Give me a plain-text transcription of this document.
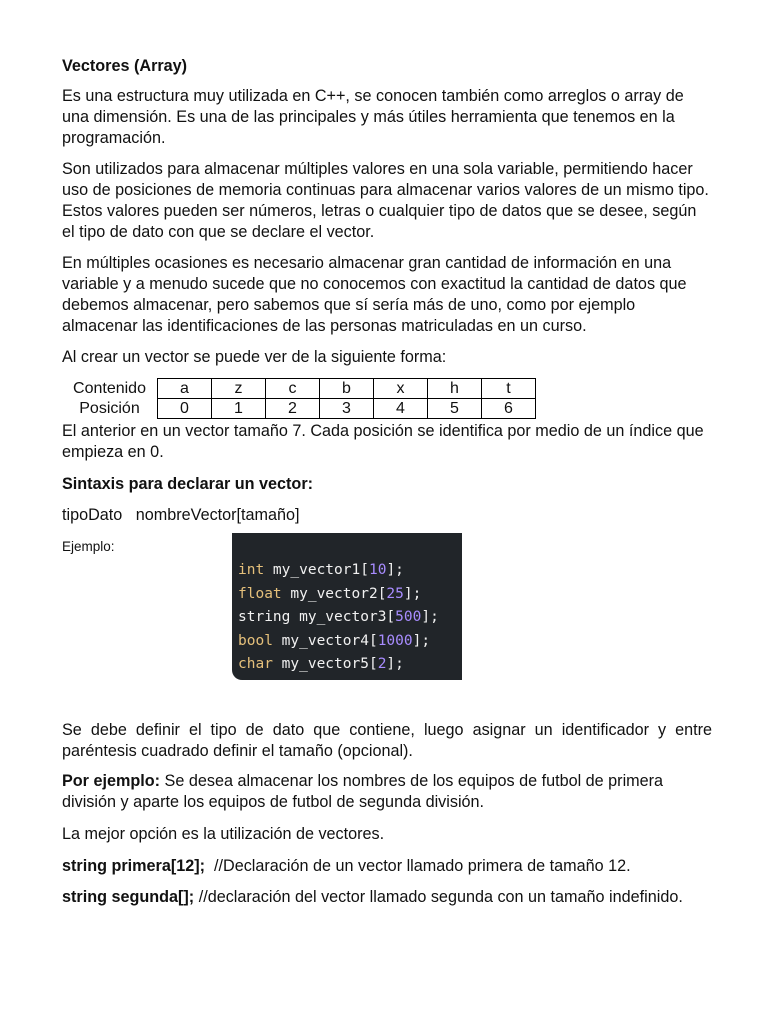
Vectores (Array)

Es una estructura muy utilizada en C++, se conocen también como arreglos o array de una dimensión. Es una de las principales y más útiles herramienta que tenemos en la programación.

Son utilizados para almacenar múltiples valores en una sola variable, permitiendo hacer uso de posiciones de memoria continuas para almacenar varios valores de un mismo tipo. Estos valores pueden ser números, letras o cualquier tipo de datos que se desee, según el tipo de dato con que se declare el vector.

En múltiples ocasiones es necesario almacenar gran cantidad de información en una variable y a menudo sucede que no conocemos con exactitud la cantidad de datos que debemos almacenar, pero sabemos que sí sería más de uno, como por ejemplo almacenar las identificaciones de las personas matriculadas en un curso.

Al crear un vector se puede ver de la siguiente forma:

Contenido	a	z	c	b	x	h	t
Posición	0	1	2	3	4	5	6

El anterior en un vector tamaño 7. Cada posición se identifica por medio de un índice que empieza en 0.

Sintaxis para declarar un vector:

tipoDato   nombreVector[tamaño]

Ejemplo:

int my_vector1[10];
float my_vector2[25];
string my_vector3[500];
bool my_vector4[1000];
char my_vector5[2];

Se debe definir el tipo de dato que contiene, luego asignar un identificador y entre paréntesis cuadrado definir el tamaño (opcional).

Por ejemplo: Se desea almacenar los nombres de los equipos de futbol de primera división y aparte los equipos de futbol de segunda división.

La mejor opción es la utilización de vectores.

string primera[12];  //Declaración de un vector llamado primera de tamaño 12.

string segunda[]; //declaración del vector llamado segunda con un tamaño indefinido.
